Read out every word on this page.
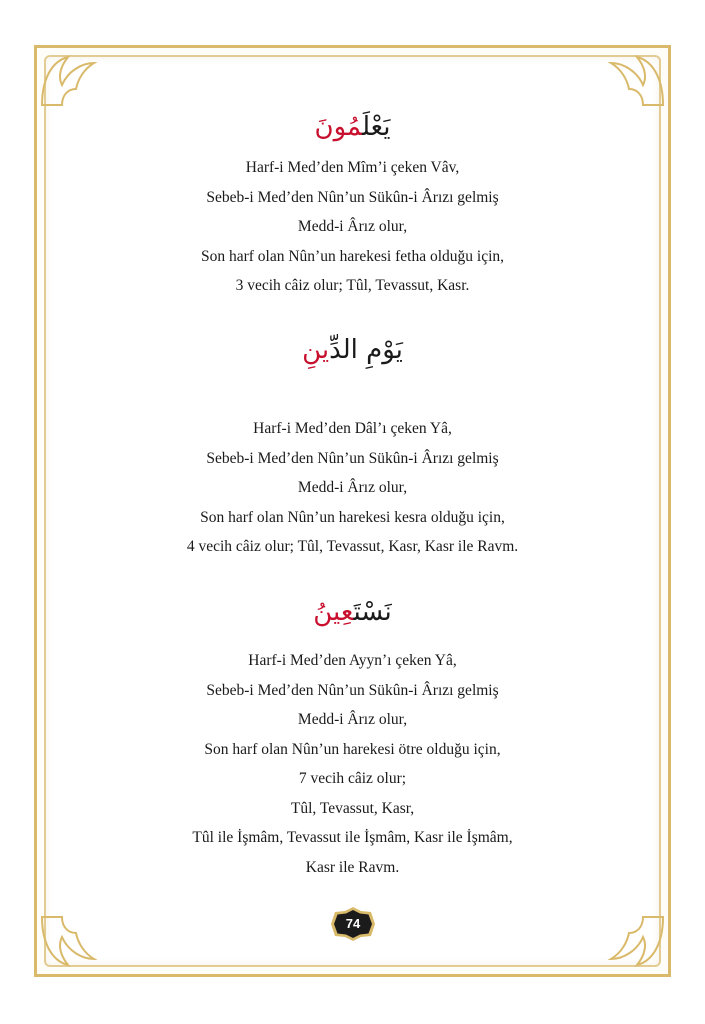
يَعْلَمُونَ
Harf-i Med’den Mîm’i çeken Vâv,
Sebeb-i Med’den Nûn’un Sükûn-i Ârızı gelmiş
Medd-i Ârız olur,
Son harf olan Nûn’un harekesi fetha olduğu için,
3 vecih câiz olur; Tûl, Tevassut, Kasr.
يَوْمِ الدِّينِ
Harf-i Med’den Dâl’ı çeken Yâ,
Sebeb-i Med’den Nûn’un Sükûn-i Ârızı gelmiş
Medd-i Ârız olur,
Son harf olan Nûn’un harekesi kesra olduğu için,
4 vecih câiz olur; Tûl, Tevassut, Kasr, Kasr ile Ravm.
نَسْتَعِينُ
Harf-i Med’den Ayyn’ı çeken Yâ,
Sebeb-i Med’den Nûn’un Sükûn-i Ârızı gelmiş
Medd-i Ârız olur,
Son harf olan Nûn’un harekesi ötre olduğu için,
7 vecih câiz olur;
Tûl, Tevassut, Kasr,
Tûl ile İşmâm, Tevassut ile İşmâm, Kasr ile İşmâm,
Kasr ile Ravm.
74
